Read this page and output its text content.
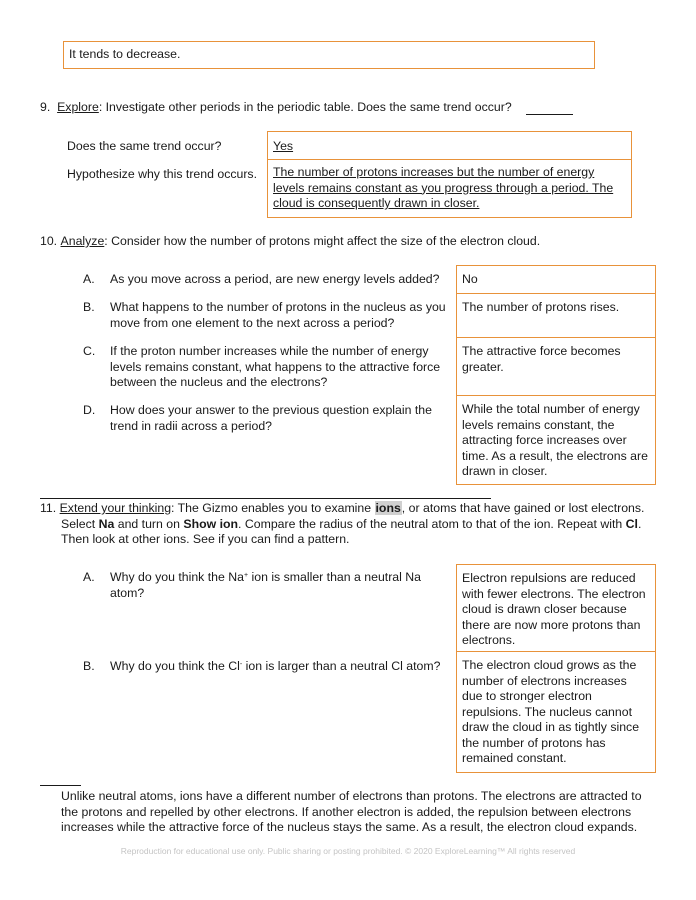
It tends to decrease.
9. Explore: Investigate other periods in the periodic table. Does the same trend occur?
Does the same trend occur?
Hypothesize why this trend occurs.
Yes
The number of protons increases but the number of energy levels remains constant as you progress through a period. The cloud is consequently drawn in closer.
10. Analyze: Consider how the number of protons might affect the size of the electron cloud.
A. As you move across a period, are new energy levels added?
B. What happens to the number of protons in the nucleus as you move from one element to the next across a period?
C. If the proton number increases while the number of energy levels remains constant, what happens to the attractive force between the nucleus and the electrons?
D. How does your answer to the previous question explain the trend in radii across a period?
No
The number of protons rises.
The attractive force becomes greater.
While the total number of energy levels remains constant, the attracting force increases over time. As a result, the electrons are drawn in closer.
11. Extend your thinking: The Gizmo enables you to examine ions, or atoms that have gained or lost electrons.
Select Na and turn on Show ion. Compare the radius of the neutral atom to that of the ion. Repeat with Cl.
Then look at other ions. See if you can find a pattern.
A. Why do you think the Na+ ion is smaller than a neutral Na atom?
B. Why do you think the Cl- ion is larger than a neutral Cl atom?
Electron repulsions are reduced with fewer electrons. The electron cloud is drawn closer because there are now more protons than electrons.
The electron cloud grows as the number of electrons increases due to stronger electron repulsions. The nucleus cannot draw the cloud in as tightly since the number of protons has remained constant.
Unlike neutral atoms, ions have a different number of electrons than protons. The electrons are attracted to the protons and repelled by other electrons. If another electron is added, the repulsion between electrons increases while the attractive force of the nucleus stays the same. As a result, the electron cloud expands.
Reproduction for educational use only. Public sharing or posting prohibited. © 2020 ExploreLearning™ All rights reserved
